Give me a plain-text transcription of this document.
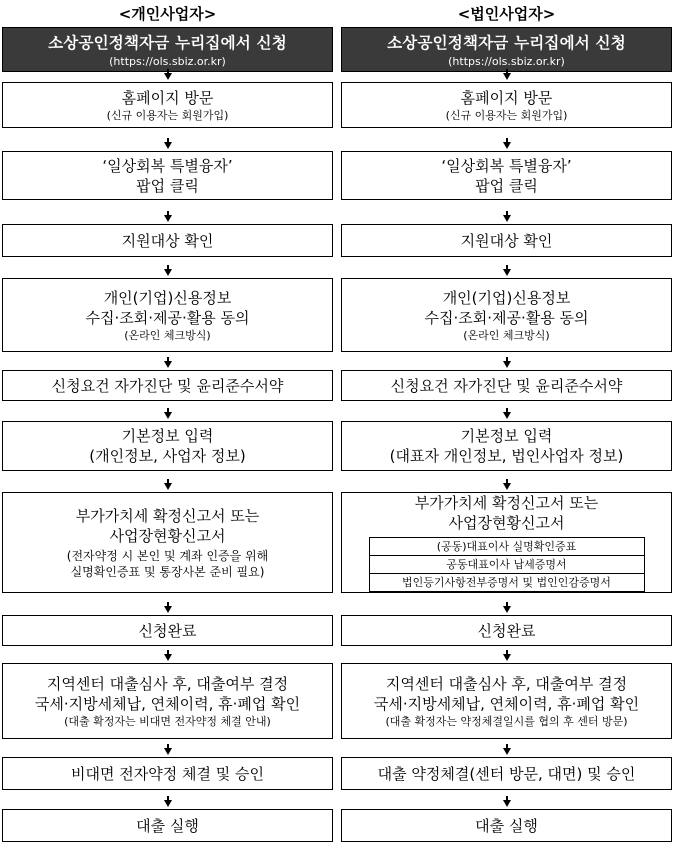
<개인사업자>
소상공인정책자금 누리집에서 신청
(https://ols.sbiz.or.kr)
홈페이지 방문
(신규 이용자는 회원가입)
‘일상회복 특별융자’
팝업 클릭
지원대상 확인
개인(기업)신용정보
수집·조회·제공·활용 동의
(온라인 체크방식)
신청요건 자가진단 및 윤리준수서약
기본정보 입력
(개인정보, 사업자 정보)
부가가치세 확정신고서 또는
사업장현황신고서
(전자약정 시 본인 및 계좌 인증을 위해
실명확인증표 및 통장사본 준비 필요)
신청완료
지역센터 대출심사 후, 대출여부 결정
국세·지방세체납, 연체이력, 휴·폐업 확인
(대출 확정자는 비대면 전자약정 체결 안내)
비대면 전자약정 체결 및 승인
대출 실행
<법인사업자>
소상공인정책자금 누리집에서 신청
(https://ols.sbiz.or.kr)
홈페이지 방문
(신규 이용자는 회원가입)
‘일상회복 특별융자’
팝업 클릭
지원대상 확인
개인(기업)신용정보
수집·조회·제공·활용 동의
(온라인 체크방식)
신청요건 자가진단 및 윤리준수서약
기본정보 입력
(대표자 개인정보, 법인사업자 정보)
부가가치세 확정신고서 또는
사업장현황신고서
(공동)대표이사 실명확인증표
공동대표이사 납세증명서
법인등기사항전부증명서 및 법인인감증명서
신청완료
지역센터 대출심사 후, 대출여부 결정
국세·지방세체납, 연체이력, 휴·폐업 확인
(대출 확정자는 약정체결일시를 협의 후 센터 방문)
대출 약정체결(센터 방문, 대면) 및 승인
대출 실행
